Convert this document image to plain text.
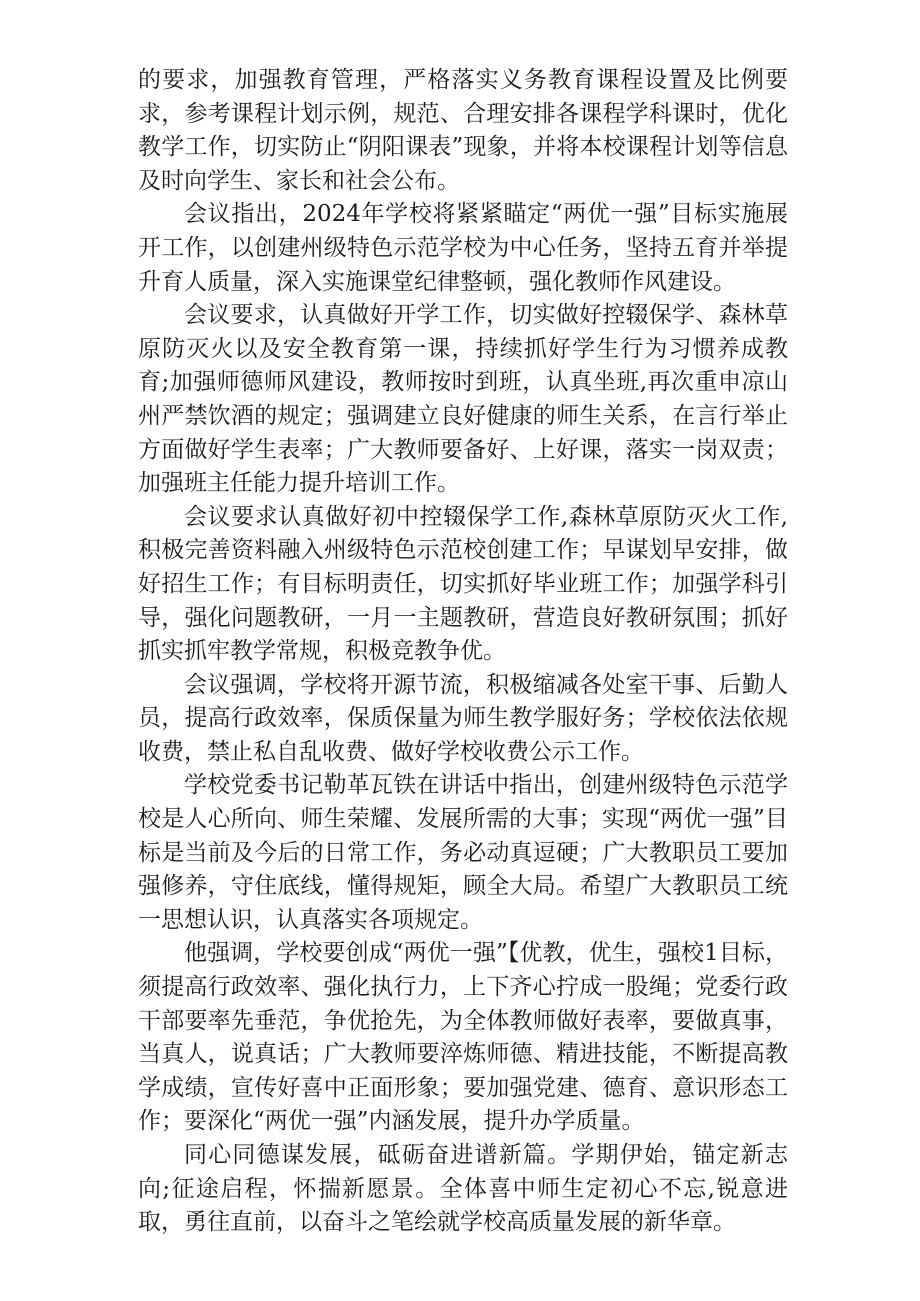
的要求，加强教育管理，严格落实义务教育课程设置及比例要求，参考课程计划示例，规范、合理安排各课程学科课时，优化教学工作，切实防止“阴阳课表”现象，并将本校课程计划等信息及时向学生、家长和社会公布。

会议指出，2024年学校将紧紧瞄定“两优一强”目标实施展开工作，以创建州级特色示范学校为中心任务，坚持五育并举提升育人质量，深入实施课堂纪律整顿，强化教师作风建设。

会议要求，认真做好开学工作，切实做好控辍保学、森林草原防灭火以及安全教育第一课，持续抓好学生行为习惯养成教育;加强师德师风建设，教师按时到班，认真坐班,再次重申凉山州严禁饮酒的规定；强调建立良好健康的师生关系，在言行举止方面做好学生表率；广大教师要备好、上好课，落实一岗双责；加强班主任能力提升培训工作。

会议要求认真做好初中控辍保学工作,森林草原防灭火工作,积极完善资料融入州级特色示范校创建工作；早谋划早安排，做好招生工作；有目标明责任，切实抓好毕业班工作；加强学科引导，强化问题教研，一月一主题教研，营造良好教研氛围；抓好抓实抓牢教学常规，积极竞教争优。

会议强调，学校将开源节流，积极缩减各处室干事、后勤人员，提高行政效率，保质保量为师生教学服好务；学校依法依规收费，禁止私自乱收费、做好学校收费公示工作。

学校党委书记勒革瓦铁在讲话中指出，创建州级特色示范学校是人心所向、师生荣耀、发展所需的大事；实现“两优一强”目标是当前及今后的日常工作，务必动真逗硬；广大教职员工要加强修养，守住底线，懂得规矩，顾全大局。希望广大教职员工统一思想认识，认真落实各项规定。

他强调，学校要创成“两优一强”【优教，优生，强校1目标，须提高行政效率、强化执行力，上下齐心拧成一股绳；党委行政干部要率先垂范，争优抢先，为全体教师做好表率，要做真事，当真人，说真话；广大教师要淬炼师德、精进技能，不断提高教学成绩，宣传好喜中正面形象；要加强党建、德育、意识形态工作；要深化“两优一强”内涵发展，提升办学质量。

同心同德谋发展，砥砺奋进谱新篇。学期伊始，锚定新志向;征途启程，怀揣新愿景。全体喜中师生定初心不忘,锐意进取，勇往直前，以奋斗之笔绘就学校高质量发展的新华章。
